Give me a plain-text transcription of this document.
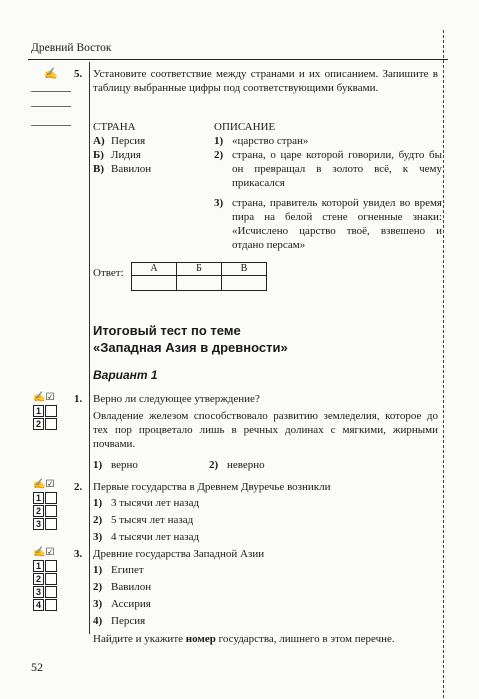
Древний Восток
✍ 5. Установите соответствие между странами и их описанием. Запишите в таблицу выбранные цифры под соответствующими буквами.
СТРАНА	ОПИСАНИЕ
А) Персия
Б) Лидия
В) Вавилон
1) «царство стран»
2) страна, о царе которой говорили, будто бы он превращал в золото всё, к чему прикасался
3) страна, правитель которой увидел во время пира на белой стене огненные знаки: «Исчислено царство твоё, взвешено и отдано персам»
Ответ:	А	Б	В

Итоговый тест по теме
«Западная Азия в древности»
Вариант 1
✍☑
1
2
1. Верно ли следующее утверждение?
Овладение железом способствовало развитию земледелия, которое до тех пор процветало лишь в речных долинах с мягкими, жирными почвами.
1) верно	2) неверно
✍☑
1
2
3
2. Первые государства в Древнем Двуречье возникли
1) 3 тысячи лет назад
2) 5 тысяч лет назад
3) 4 тысячи лет назад
✍☑
1
2
3
4
3. Древние государства Западной Азии
1) Египет
2) Вавилон
3) Ассирия
4) Персия
Найдите и укажите номер государства, лишнего в этом перечне.
52
